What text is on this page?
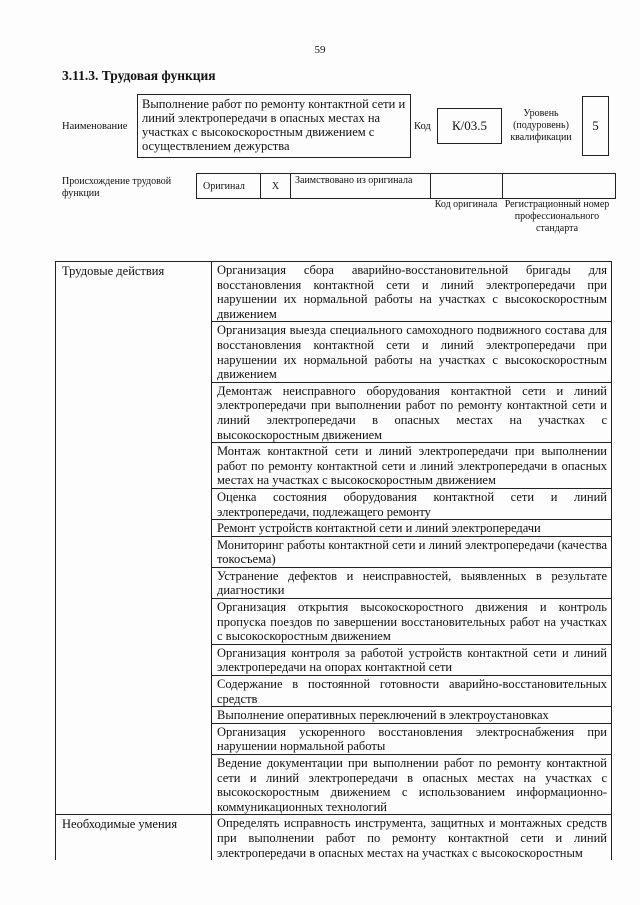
59
3.11.3. Трудовая функция
Наименование
Выполнение работ по ремонту контактной сети и линий электропередачи в опасных местах на участках с высокоскоростным движением с осуществлением дежурства
Код	К/03.5
Уровень (подуровень) квалификации
5
Происхождение трудовой функции
Оригинал	X	Заимствовано из оригинала
Код оригинала Регистрационный номер профессионального стандарта
Трудовые действия	Организация сбора аварийно-восстановительной бригады для восстановления контактной сети и линий электропередачи при нарушении их нормальной работы на участках с высокоскоростным движением
	Организация выезда специального самоходного подвижного состава для восстановления контактной сети и линий электропередачи при нарушении их нормальной работы на участках с высокоскоростным движением
	Демонтаж неисправного оборудования контактной сети и линий электропередачи при выполнении работ по ремонту контактной сети и линий электропередачи в опасных местах на участках с высокоскоростным движением
	Монтаж контактной сети и линий электропередачи при выполнении работ по ремонту контактной сети и линий электропередачи в опасных местах на участках с высокоскоростным движением
	Оценка состояния оборудования контактной сети и линий электропередачи, подлежащего ремонту
	Ремонт устройств контактной сети и линий электропередачи
	Мониторинг работы контактной сети и линий электропередачи (качества токосъема)
	Устранение дефектов и неисправностей, выявленных в результате диагностики
	Организация открытия высокоскоростного движения и контроль пропуска поездов по завершении восстановительных работ на участках с высокоскоростным движением
	Организация контроля за работой устройств контактной сети и линий электропередачи на опорах контактной сети
	Содержание в постоянной готовности аварийно-восстановительных средств
	Выполнение оперативных переключений в электроустановках
	Организация ускоренного восстановления электроснабжения при нарушении нормальной работы
	Ведение документации при выполнении работ по ремонту контактной сети и линий электропередачи в опасных местах на участках с высокоскоростным движением с использованием информационно-коммуникационных технологий
Необходимые умения	Определять исправность инструмента, защитных и монтажных средств при выполнении работ по ремонту контактной сети и линий электропередачи в опасных местах на участках с высокоскоростным
